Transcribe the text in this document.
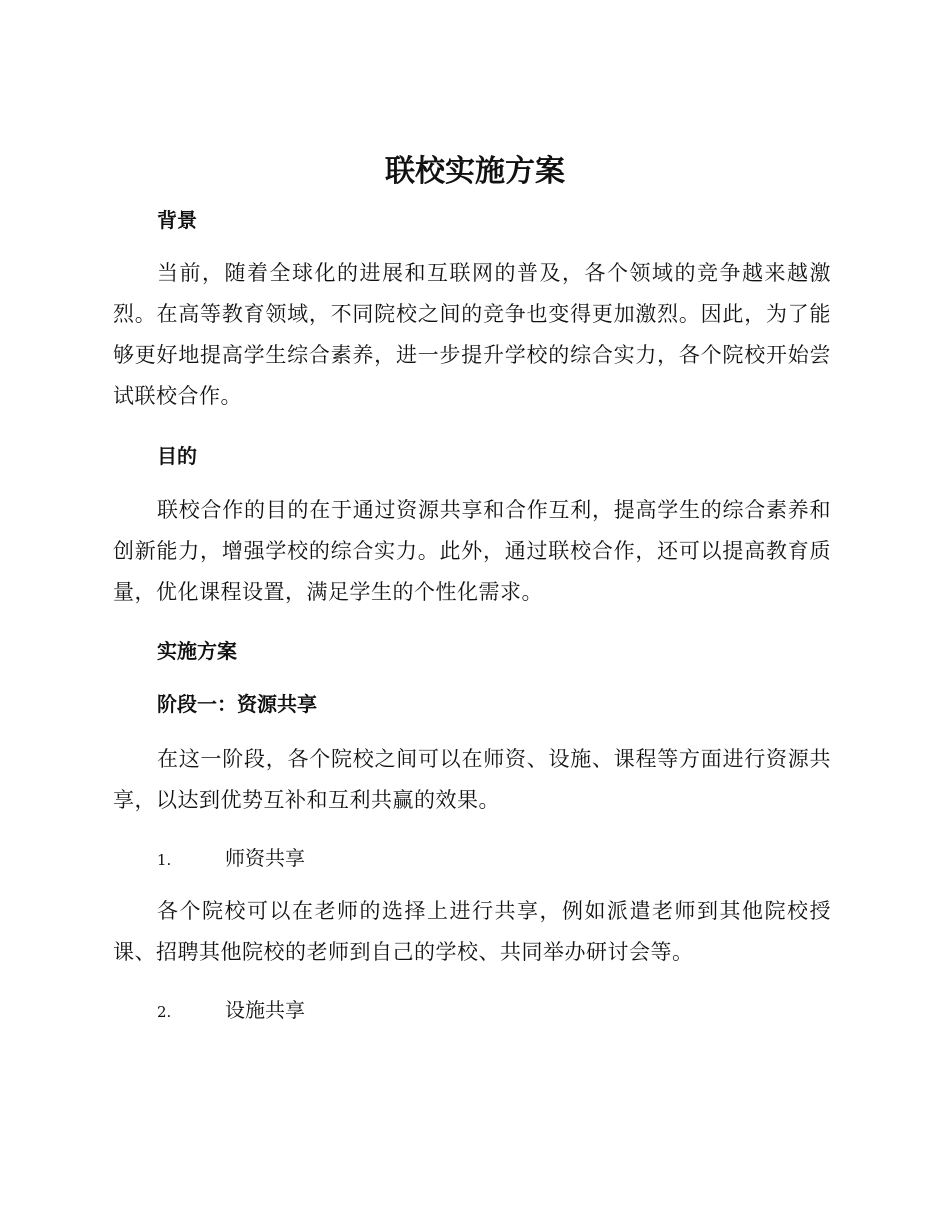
联校实施方案
背景

当前，随着全球化的进展和互联网的普及，各个领域的竞争越来越激烈。在高等教育领域，不同院校之间的竞争也变得更加激烈。因此，为了能够更好地提高学生综合素养，进一步提升学校的综合实力，各个院校开始尝试联校合作。

目的

联校合作的目的在于通过资源共享和合作互利，提高学生的综合素养和创新能力，增强学校的综合实力。此外，通过联校合作，还可以提高教育质量，优化课程设置，满足学生的个性化需求。

实施方案
阶段一：资源共享

在这一阶段，各个院校之间可以在师资、设施、课程等方面进行资源共享，以达到优势互补和互利共赢的效果。

1.	师资共享

各个院校可以在老师的选择上进行共享，例如派遣老师到其他院校授课、招聘其他院校的老师到自己的学校、共同举办研讨会等。

2.	设施共享
